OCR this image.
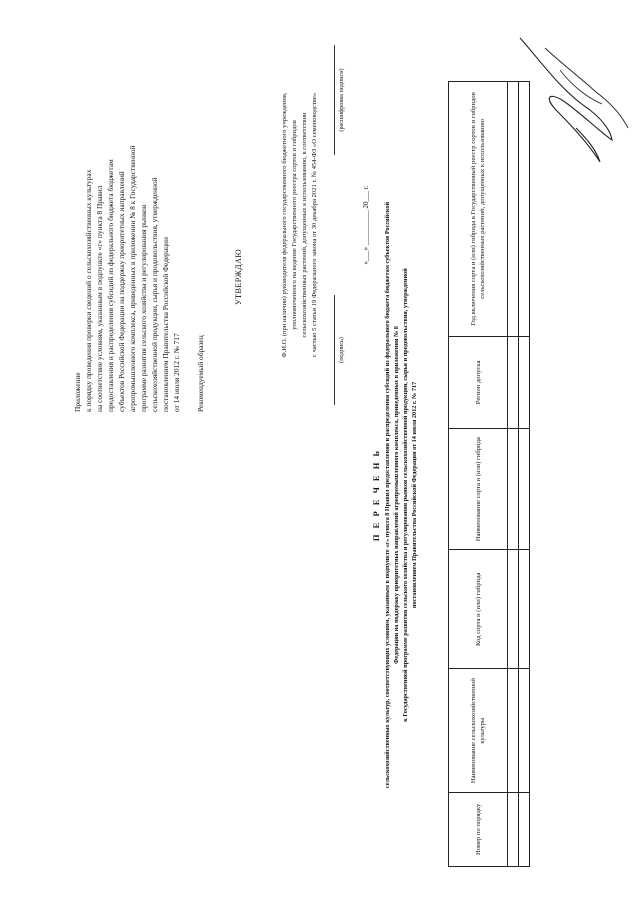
Приложение к порядку проведения проверки сведений о сельскохозяйственных культурах на соответствие условиям, указанным в подпункте «г» пункта 8 Правил предоставления и распределения субсидий из федерального бюджета бюджетам субъектов Российской Федерации на поддержку приоритетных направлений агропромышленного комплекса, приведенных в приложении № 8 к Государственной программе развития сельского хозяйства и регулирования рынков сельскохозяйственной продукции, сырья и продовольствия, утвержденной постановлением Правительства Российской Федерации от 14 июля 2012 г. № 717 Рекомендуемый образец
УТВЕРЖДАЮ	Ф.И.О. (при наличии) руководителя федерального государственного бюджетного учреждения, уполномоченного на ведение Государственного реестра сортов и гибридов сельскохозяйственных растений, допущенных к использованию, в соответствии с частью 5 статьи 19 Федерального закона от 30 декабря 2021 г. № 454-ФЗ «О семеноводстве»	(подпись)
(расшифровка подписи)
«___» __________ 20___ г.
П Е Р Е Ч Е Н Ь сельскохозяйственных культур, соответствующих условиям, указанным в подпункте «г» пункта 8 Правил предоставления и распределения субсидий из федерального бюджета бюджетам субъектов Российской Федерации на поддержку приоритетных направлений агропромышленного комплекса, приведенных в приложении № 8 к Государственной программе развития сельского хозяйства и регулирования рынков сельскохозяйственной продукции, сырья и продовольствия, утвержденной постановлением Правительства Российской Федерации от 14 июля 2012 г. № 717
Номер по порядку	Наименование сельскохозяйственной культуры	Код сорта и (или) гибрида	Наименование сорта и (или) гибрида	Регион допуска	Год включения сорта и (или) гибрида в Государственный реестр сортов и гибридов сельскохозяйственных растений, допущенных к использованию
